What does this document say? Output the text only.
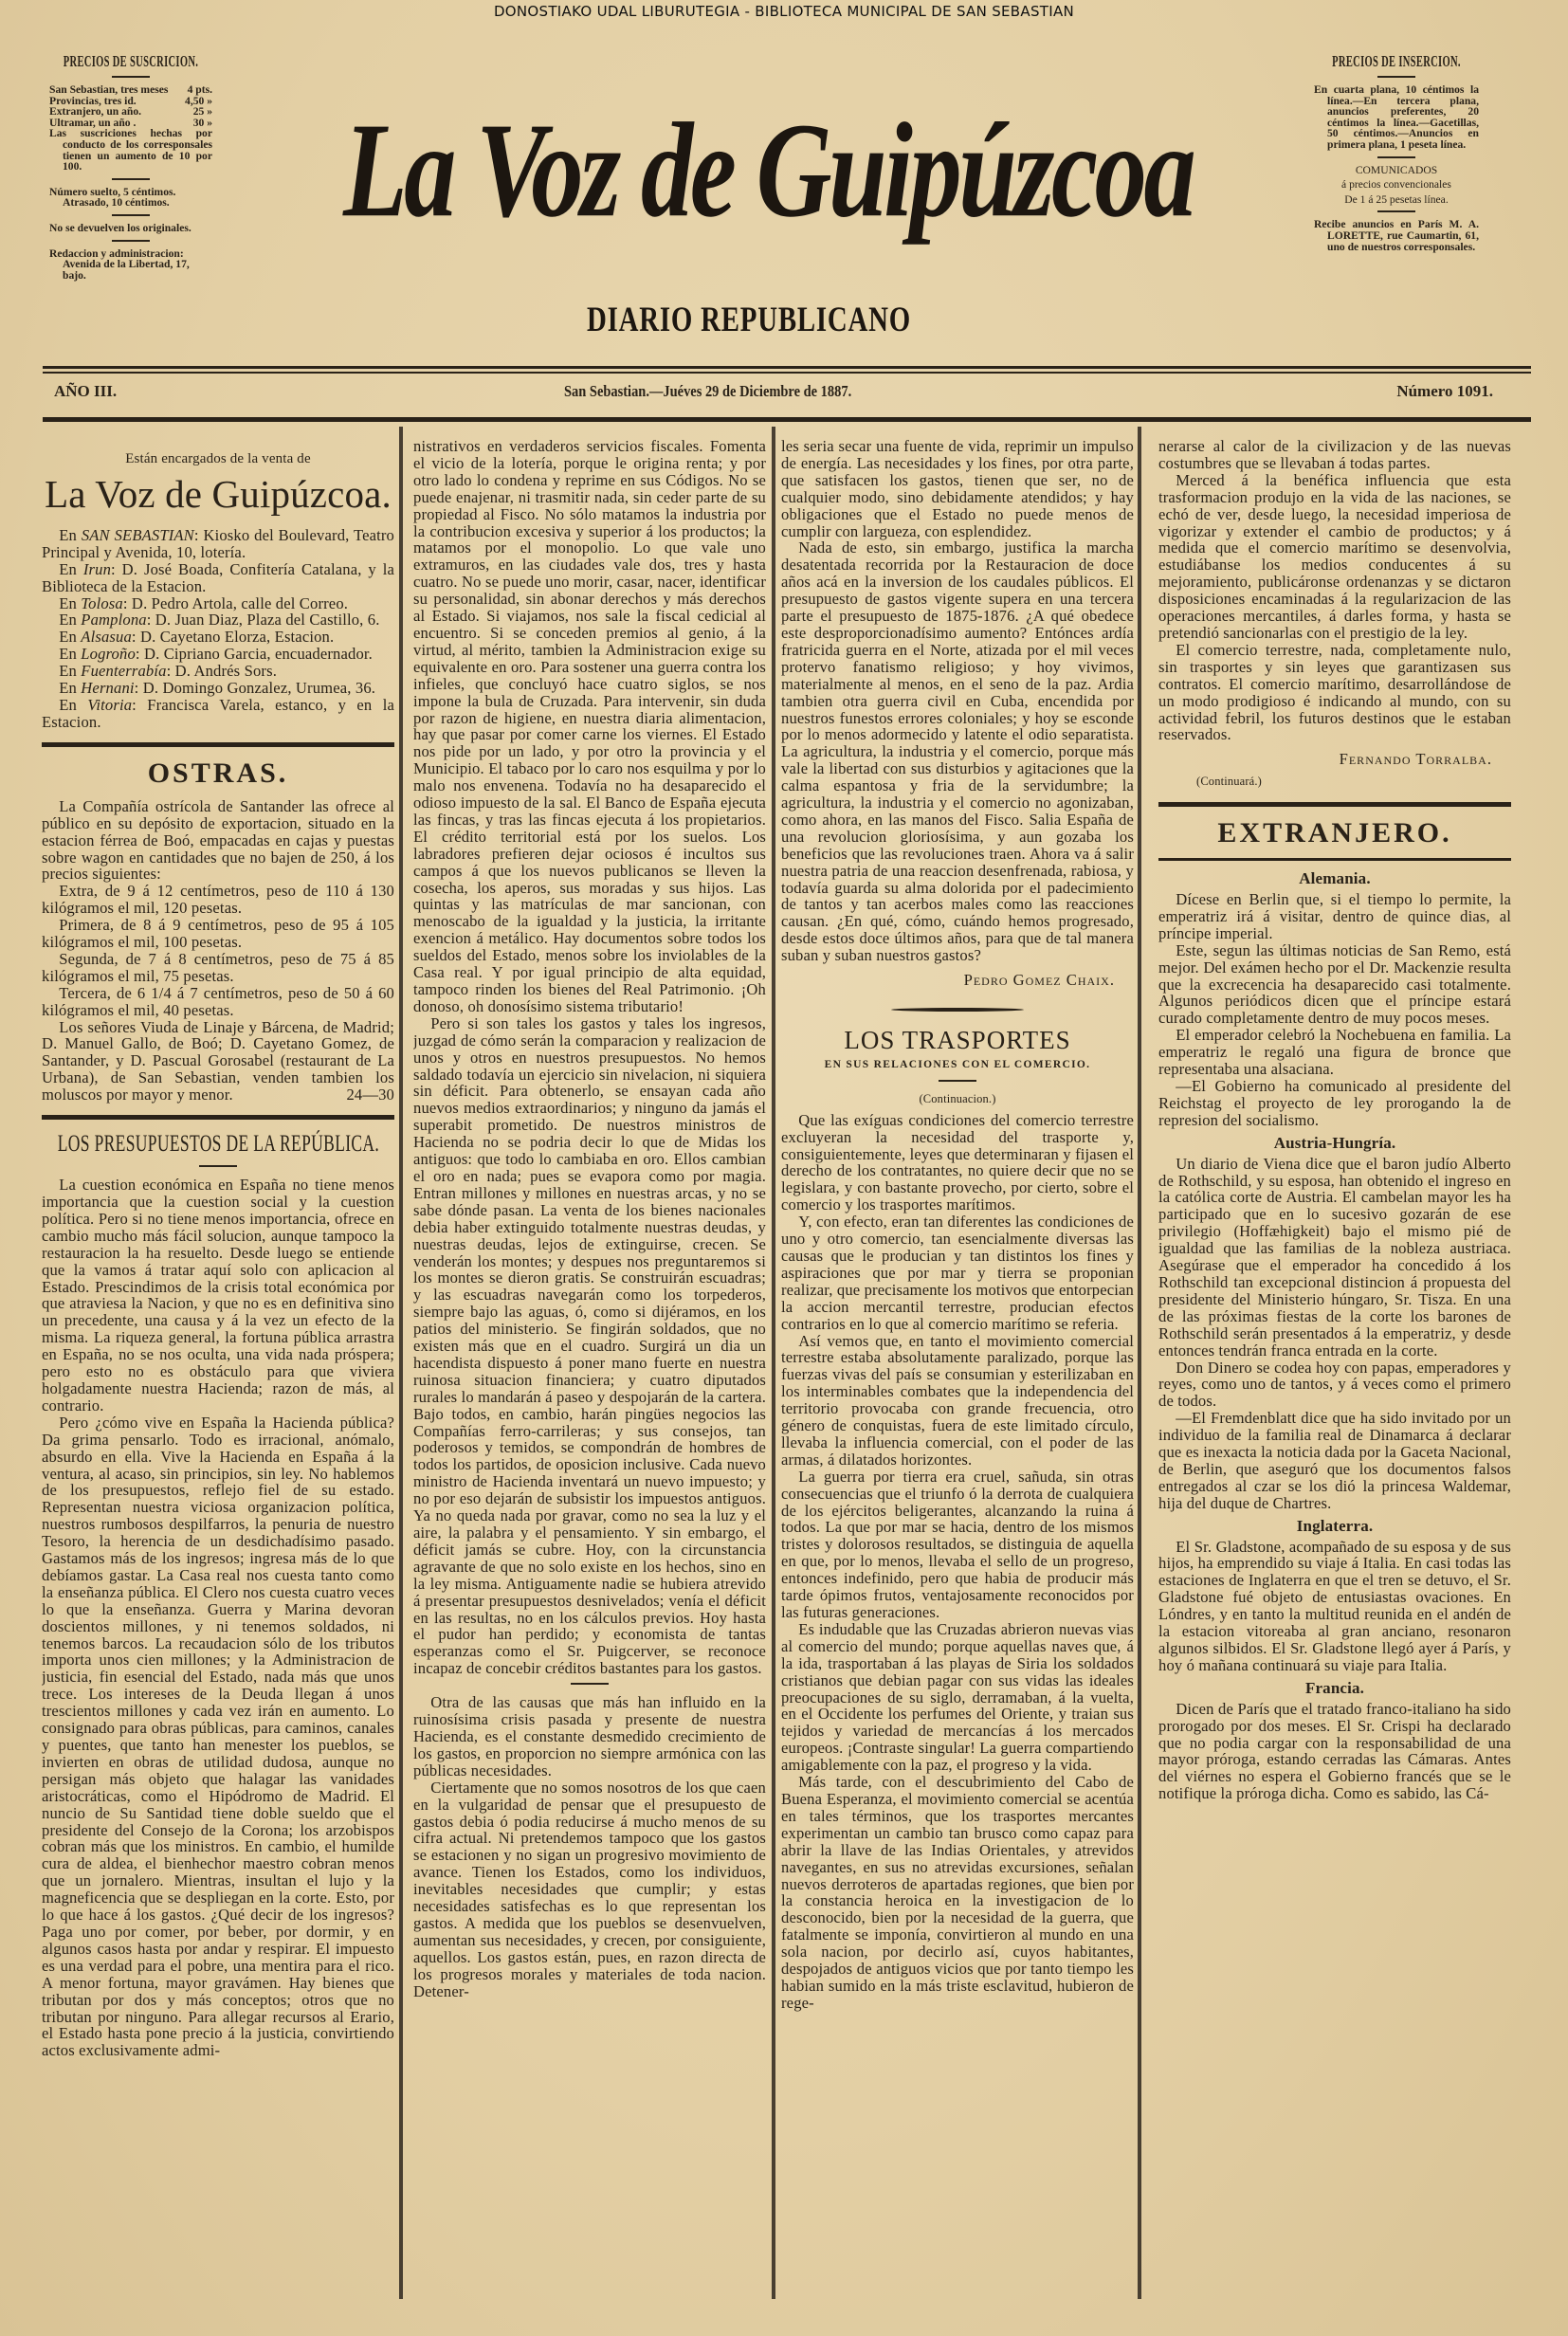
DONOSTIAKO UDAL LIBURUTEGIA - BIBLIOTECA MUNICIPAL DE SAN SEBASTIAN
PRECIOS DE SUSCRICION.
San Sebastian, tres meses 4 pts.
Provincias, tres id.	4,50 »
Extranjero, un año.	25 »
Ultramar, un año .	30 »
Las suscriciones hechas por conducto de los corresponsales tienen un aumento de 10 por 100.
Número suelto, 5 céntimos.
Atrasado, 10 céntimos.
No se devuelven los originales.
Redaccion y administracion:
Avenida de la Libertad, 17, bajo.
La Voz de Guipúzcoa
DIARIO REPUBLICANO
PRECIOS DE INSERCION.
En cuarta plana, 10 céntimos la línea.—En tercera plana, anuncios preferentes, 20 céntimos la línea.—Gacetillas, 50 céntimos.—Anuncios en primera plana, 1 peseta línea.
COMUNICADOS
á precios convencionales
De 1 á 25 pesetas línea.
Recibe anuncios en París M. A. LORETTE, rue Caumartin, 61, uno de nuestros corresponsales.
AÑO III.	San Sebastian.—Juéves 29 de Diciembre de 1887.	Número 1091.
Están encargados de la venta de
La Voz de Guipúzcoa.

En SAN SEBASTIAN: Kiosko del Boulevard, Teatro Principal y Avenida, 10, lotería.

En Irun: D. José Boada, Confitería Catalana, y la Biblioteca de la Estacion.

En Tolosa: D. Pedro Artola, calle del Correo.

En Pamplona: D. Juan Diaz, Plaza del Castillo, 6.

En Alsasua: D. Cayetano Elorza, Estacion.

En Logroño: D. Cipriano Garcia, encuadernador.

En Fuenterrabía: D. Andrés Sors.

En Hernani: D. Domingo Gonzalez, Urumea, 36.

En Vitoria: Francisca Varela, estanco, y en la Estacion.

OSTRAS.

La Compañía ostrícola de Santander las ofrece al público en su depósito de exportacion, situado en la estacion férrea de Boó, empacadas en cajas y puestas sobre wagon en cantidades que no bajen de 250, á los precios siguientes:

Extra, de 9 á 12 centímetros, peso de 110 á 130 kilógramos el mil, 120 pesetas.

Primera, de 8 á 9 centímetros, peso de 95 á 105 kilógramos el mil, 100 pesetas.

Segunda, de 7 á 8 centímetros, peso de 75 á 85 kilógramos el mil, 75 pesetas.

Tercera, de 6 1/4 á 7 centímetros, peso de 50 á 60 kilógramos el mil, 40 pesetas.

Los señores Viuda de Linaje y Bárcena, de Madrid; D. Manuel Gallo, de Boó; D. Cayetano Gomez, de Santander, y D. Pascual Gorosabel (restaurant de La Urbana), de San Sebastian, venden tambien los moluscos por mayor y menor.	24—30

LOS PRESUPUESTOS DE LA REPÚBLICA.

La cuestion económica en España no tiene menos importancia que la cuestion social y la cuestion política. Pero si no tiene menos importancia, ofrece en cambio mucho más fácil solucion, aunque tampoco la restauracion la ha resuelto. Desde luego se entiende que la vamos á tratar aquí solo con aplicacion al Estado. Prescindimos de la crisis total económica por que atraviesa la Nacion, y que no es en definitiva sino un precedente, una causa y á la vez un efecto de la misma. La riqueza general, la fortuna pública arrastra en España, no se nos oculta, una vida nada próspera; pero esto no es obstáculo para que viviera holgadamente nuestra Hacienda; razon de más, al contrario.

Pero ¿cómo vive en España la Hacienda pública? Da grima pensarlo. Todo es irracional, anómalo, absurdo en ella. Vive la Hacienda en España á la ventura, al acaso, sin principios, sin ley. No hablemos de los presupuestos, reflejo fiel de su estado. Representan nuestra viciosa organizacion política, nuestros rumbosos despilfarros, la penuria de nuestro Tesoro, la herencia de un desdichadísimo pasado. Gastamos más de los ingresos; ingresa más de lo que debíamos gastar. La Casa real nos cuesta tanto como la enseñanza pública. El Clero nos cuesta cuatro veces lo que la enseñanza. Guerra y Marina devoran doscientos millones, y ni tenemos soldados, ni tenemos barcos. La recaudacion sólo de los tributos importa unos cien millones; y la Administracion de justicia, fin esencial del Estado, nada más que unos trece. Los intereses de la Deuda llegan á unos trescientos millones y cada vez irán en aumento. Lo consignado para obras públicas, para caminos, canales y puentes, que tanto han menester los pueblos, se invierten en obras de utilidad dudosa, aunque no persigan más objeto que halagar las vanidades aristocráticas, como el Hipódromo de Madrid. El nuncio de Su Santidad tiene doble sueldo que el presidente del Consejo de la Corona; los arzobispos cobran más que los ministros. En cambio, el humilde cura de aldea, el bienhechor maestro cobran menos que un jornalero. Mientras, insultan el lujo y la magneficencia que se despliegan en la corte. Esto, por lo que hace á los gastos. ¿Qué decir de los ingresos? Paga uno por comer, por beber, por dormir, y en algunos casos hasta por andar y respirar. El impuesto es una verdad para el pobre, una mentira para el rico. A menor fortuna, mayor gravámen. Hay bienes que tributan por dos y más conceptos; otros que no tributan por ninguno. Para allegar recursos al Erario, el Estado hasta pone precio á la justicia, convirtiendo actos exclusivamente admi-

nistrativos en verdaderos servicios fiscales. Fomenta el vicio de la lotería, porque le origina renta; y por otro lado lo condena y reprime en sus Códigos. No se puede enajenar, ni trasmitir nada, sin ceder parte de su propiedad al Fisco. No sólo matamos la industria por la contribucion excesiva y superior á los productos; la matamos por el monopolio. Lo que vale uno extramuros, en las ciudades vale dos, tres y hasta cuatro. No se puede uno morir, casar, nacer, identificar su personalidad, sin abonar derechos y más derechos al Estado. Si viajamos, nos sale la fiscal cedicial al encuentro. Si se conceden premios al genio, á la virtud, al mérito, tambien la Administracion exige su equivalente en oro. Para sostener una guerra contra los infieles, que concluyó hace cuatro siglos, se nos impone la bula de Cruzada. Para intervenir, sin duda por razon de higiene, en nuestra diaria alimentacion, hay que pasar por comer carne los viernes. El Estado nos pide por un lado, y por otro la provincia y el Municipio. El tabaco por lo caro nos esquilma y por lo malo nos envenena. Todavía no ha desaparecido el odioso impuesto de la sal. El Banco de España ejecuta las fincas, y tras las fincas ejecuta á los propietarios. El crédito territorial está por los suelos. Los labradores prefieren dejar ociosos é incultos sus campos á que los nuevos publicanos se lleven la cosecha, los aperos, sus moradas y sus hijos. Las quintas y las matrículas de mar sancionan, con menoscabo de la igualdad y la justicia, la irritante exencion á metálico. Hay documentos sobre todos los sueldos del Estado, menos sobre los inviolables de la Casa real. Y por igual principio de alta equidad, tampoco rinden los bienes del Real Patrimonio. ¡Oh donoso, oh donosísimo sistema tributario!

Pero si son tales los gastos y tales los ingresos, juzgad de cómo serán la comparacion y realizacion de unos y otros en nuestros presupuestos. No hemos saldado todavía un ejercicio sin nivelacion, ni siquiera sin déficit. Para obtenerlo, se ensayan cada año nuevos medios extraordinarios; y ninguno da jamás el superabit prometido. De nuestros ministros de Hacienda no se podria decir lo que de Midas los antiguos: que todo lo cambiaba en oro. Ellos cambian el oro en nada; pues se evapora como por magia. Entran millones y millones en nuestras arcas, y no se sabe dónde pasan. La venta de los bienes nacionales debia haber extinguido totalmente nuestras deudas, y nuestras deudas, lejos de extinguirse, crecen. Se venderán los montes; y despues nos preguntaremos si los montes se dieron gratis. Se construirán escuadras; y las escuadras navegarán como los torpederos, siempre bajo las aguas, ó, como si dijéramos, en los patios del ministerio. Se fingirán soldados, que no existen más que en el cuadro. Surgirá un dia un hacendista dispuesto á poner mano fuerte en nuestra ruinosa situacion financiera; y cuatro diputados rurales lo mandarán á paseo y despojarán de la cartera. Bajo todos, en cambio, harán pingües negocios las Compañías ferro-carrileras; y sus consejos, tan poderosos y temidos, se compondrán de hombres de todos los partidos, de oposicion inclusive. Cada nuevo ministro de Hacienda inventará un nuevo impuesto; y no por eso dejarán de subsistir los impuestos antiguos. Ya no queda nada por gravar, como no sea la luz y el aire, la palabra y el pensamiento. Y sin embargo, el déficit jamás se cubre. Hoy, con la circunstancia agravante de que no solo existe en los hechos, sino en la ley misma. Antiguamente nadie se hubiera atrevido á presentar presupuestos desnivelados; venía el déficit en las resultas, no en los cálculos previos. Hoy hasta el pudor han perdido; y economista de tantas esperanzas como el Sr. Puigcerver, se reconoce incapaz de concebir créditos bastantes para los gastos.

Otra de las causas que más han influido en la ruinosísima crisis pasada y presente de nuestra Hacienda, es el constante desmedido crecimiento de los gastos, en proporcion no siempre armónica con las públicas necesidades.

Ciertamente que no somos nosotros de los que caen en la vulgaridad de pensar que el presupuesto de gastos debia ó podia reducirse á mucho menos de su cifra actual. Ni pretendemos tampoco que los gastos se estacionen y no sigan un progresivo movimiento de avance. Tienen los Estados, como los individuos, inevitables necesidades que cumplir; y estas necesidades satisfechas es lo que representan los gastos. A medida que los pueblos se desenvuelven, aumentan sus necesidades, y crecen, por consiguiente, aquellos. Los gastos están, pues, en razon directa de los progresos morales y materiales de toda nacion. Detener-

les seria secar una fuente de vida, reprimir un impulso de energía. Las necesidades y los fines, por otra parte, que satisfacen los gastos, tienen que ser, no de cualquier modo, sino debidamente atendidos; y hay obligaciones que el Estado no puede menos de cumplir con largueza, con esplendidez.

Nada de esto, sin embargo, justifica la marcha desatentada recorrida por la Restauracion de doce años acá en la inversion de los caudales públicos. El presupuesto de gastos vigente supera en una tercera parte el presupuesto de 1875-1876. ¿A qué obedece este desproporcionadísimo aumento? Entónces ardía fratricida guerra en el Norte, atizada por el mil veces protervo fanatismo religioso; y hoy vivimos, materialmente al menos, en el seno de la paz. Ardia tambien otra guerra civil en Cuba, encendida por nuestros funestos errores coloniales; y hoy se esconde por lo menos adormecido y latente el odio separatista. La agricultura, la industria y el comercio, porque más vale la libertad con sus disturbios y agitaciones que la calma espantosa y fria de la servidumbre; la agricultura, la industria y el comercio no agonizaban, como ahora, en las manos del Fisco. Salia España de una revolucion gloriosísima, y aun gozaba los beneficios que las revoluciones traen. Ahora va á salir nuestra patria de una reaccion desenfrenada, rabiosa, y todavía guarda su alma dolorida por el padecimiento de tantos y tan acerbos males como las reacciones causan. ¿En qué, cómo, cuándo hemos progresado, desde estos doce últimos años, para que de tal manera suban y suban nuestros gastos?

Pedro Gomez Chaix.
LOS TRASPORTES
EN SUS RELACIONES CON EL COMERCIO.
(Continuacion.)

Que las exíguas condiciones del comercio terrestre excluyeran la necesidad del trasporte y, consiguientemente, leyes que determinaran y fijasen el derecho de los contratantes, no quiere decir que no se legislara, y con bastante provecho, por cierto, sobre el comercio y los trasportes marítimos.

Y, con efecto, eran tan diferentes las condiciones de uno y otro comercio, tan esencialmente diversas las causas que le producian y tan distintos los fines y aspiraciones que por mar y tierra se proponian realizar, que precisamente los motivos que entorpecian la accion mercantil terrestre, producian efectos contrarios en lo que al comercio marítimo se referia.

Así vemos que, en tanto el movimiento comercial terrestre estaba absolutamente paralizado, porque las fuerzas vivas del país se consumian y esterilizaban en los interminables combates que la independencia del territorio provocaba con grande frecuencia, otro género de conquistas, fuera de este limitado círculo, llevaba la influencia comercial, con el poder de las armas, á dilatados horizontes.

La guerra por tierra era cruel, sañuda, sin otras consecuencias que el triunfo ó la derrota de cualquiera de los ejércitos beligerantes, alcanzando la ruina á todos. La que por mar se hacia, dentro de los mismos tristes y dolorosos resultados, se distinguia de aquella en que, por lo menos, llevaba el sello de un progreso, entonces indefinido, pero que habia de producir más tarde ópimos frutos, ventajosamente reconocidos por las futuras generaciones.

Es indudable que las Cruzadas abrieron nuevas vias al comercio del mundo; porque aquellas naves que, á la ida, trasportaban á las playas de Siria los soldados cristianos que debian pagar con sus vidas las ideales preocupaciones de su siglo, derramaban, á la vuelta, en el Occidente los perfumes del Oriente, y traian sus tejidos y variedad de mercancías á los mercados europeos. ¡Contraste singular! La guerra compartiendo amigablemente con la paz, el progreso y la vida.

Más tarde, con el descubrimiento del Cabo de Buena Esperanza, el movimiento comercial se acentúa en tales términos, que los trasportes mercantes experimentan un cambio tan brusco como capaz para abrir la llave de las Indias Orientales, y atrevidos navegantes, en sus no atrevidas excursiones, señalan nuevos derroteros de apartadas regiones, que bien por la constancia heroica en la investigacion de lo desconocido, bien por la necesidad de la guerra, que fatalmente se imponía, convirtieron al mundo en una sola nacion, por decirlo así, cuyos habitantes, despojados de antiguos vicios que por tanto tiempo les habian sumido en la más triste esclavitud, hubieron de rege-

nerarse al calor de la civilizacion y de las nuevas costumbres que se llevaban á todas partes.

Merced á la benéfica influencia que esta trasformacion produjo en la vida de las naciones, se echó de ver, desde luego, la necesidad imperiosa de vigorizar y extender el cambio de productos; y á medida que el comercio marítimo se desenvolvia, estudiábanse los medios conducentes á su mejoramiento, publicáronse ordenanzas y se dictaron disposiciones encaminadas á la regularizacion de las operaciones mercantiles, á darles forma, y hasta se pretendió sancionarlas con el prestigio de la ley.

El comercio terrestre, nada, completamente nulo, sin trasportes y sin leyes que garantizasen sus contratos. El comercio marítimo, desarrollándose de un modo prodigioso é indicando al mundo, con su actividad febril, los futuros destinos que le estaban reservados.

Fernando Torralba.
(Continuará.)
EXTRANJERO.
Alemania.

Dícese en Berlin que, si el tiempo lo permite, la emperatriz irá á visitar, dentro de quince dias, al príncipe imperial.

Este, segun las últimas noticias de San Remo, está mejor. Del exámen hecho por el Dr. Mackenzie resulta que la excrecencia ha desaparecido casi totalmente. Algunos periódicos dicen que el príncipe estará curado completamente dentro de muy pocos meses.

El emperador celebró la Nochebuena en familia. La emperatriz le regaló una figura de bronce que representaba una alsaciana.

—El Gobierno ha comunicado al presidente del Reichstag el proyecto de ley prorogando la de represion del socialismo.

Austria-Hungría.

Un diario de Viena dice que el baron judío Alberto de Rothschild, y su esposa, han obtenido el ingreso en la católica corte de Austria. El cambelan mayor les ha participado que en lo sucesivo gozarán de ese privilegio (Hoffæhigkeit) bajo el mismo pié de igualdad que las familias de la nobleza austriaca. Asegúrase que el emperador ha concedido á los Rothschild tan excepcional distincion á propuesta del presidente del Ministerio húngaro, Sr. Tisza. En una de las próximas fiestas de la corte los barones de Rothschild serán presentados á la emperatriz, y desde entonces tendrán franca entrada en la corte.

Don Dinero se codea hoy con papas, emperadores y reyes, como uno de tantos, y á veces como el primero de todos.

—El Fremdenblatt dice que ha sido invitado por un individuo de la familia real de Dinamarca á declarar que es inexacta la noticia dada por la Gaceta Nacional, de Berlin, que aseguró que los documentos falsos entregados al czar se los dió la princesa Waldemar, hija del duque de Chartres.

Inglaterra.

El Sr. Gladstone, acompañado de su esposa y de sus hijos, ha emprendido su viaje á Italia. En casi todas las estaciones de Inglaterra en que el tren se detuvo, el Sr. Gladstone fué objeto de entusiastas ovaciones. En Lóndres, y en tanto la multitud reunida en el andén de la estacion vitoreaba al gran anciano, resonaron algunos silbidos. El Sr. Gladstone llegó ayer á París, y hoy ó mañana continuará su viaje para Italia.

Francia.

Dicen de París que el tratado franco-italiano ha sido prorogado por dos meses. El Sr. Crispi ha declarado que no podia cargar con la responsabilidad de una mayor próroga, estando cerradas las Cámaras. Antes del viérnes no espera el Gobierno francés que se le notifique la próroga dicha. Como es sabido, las Cá-
